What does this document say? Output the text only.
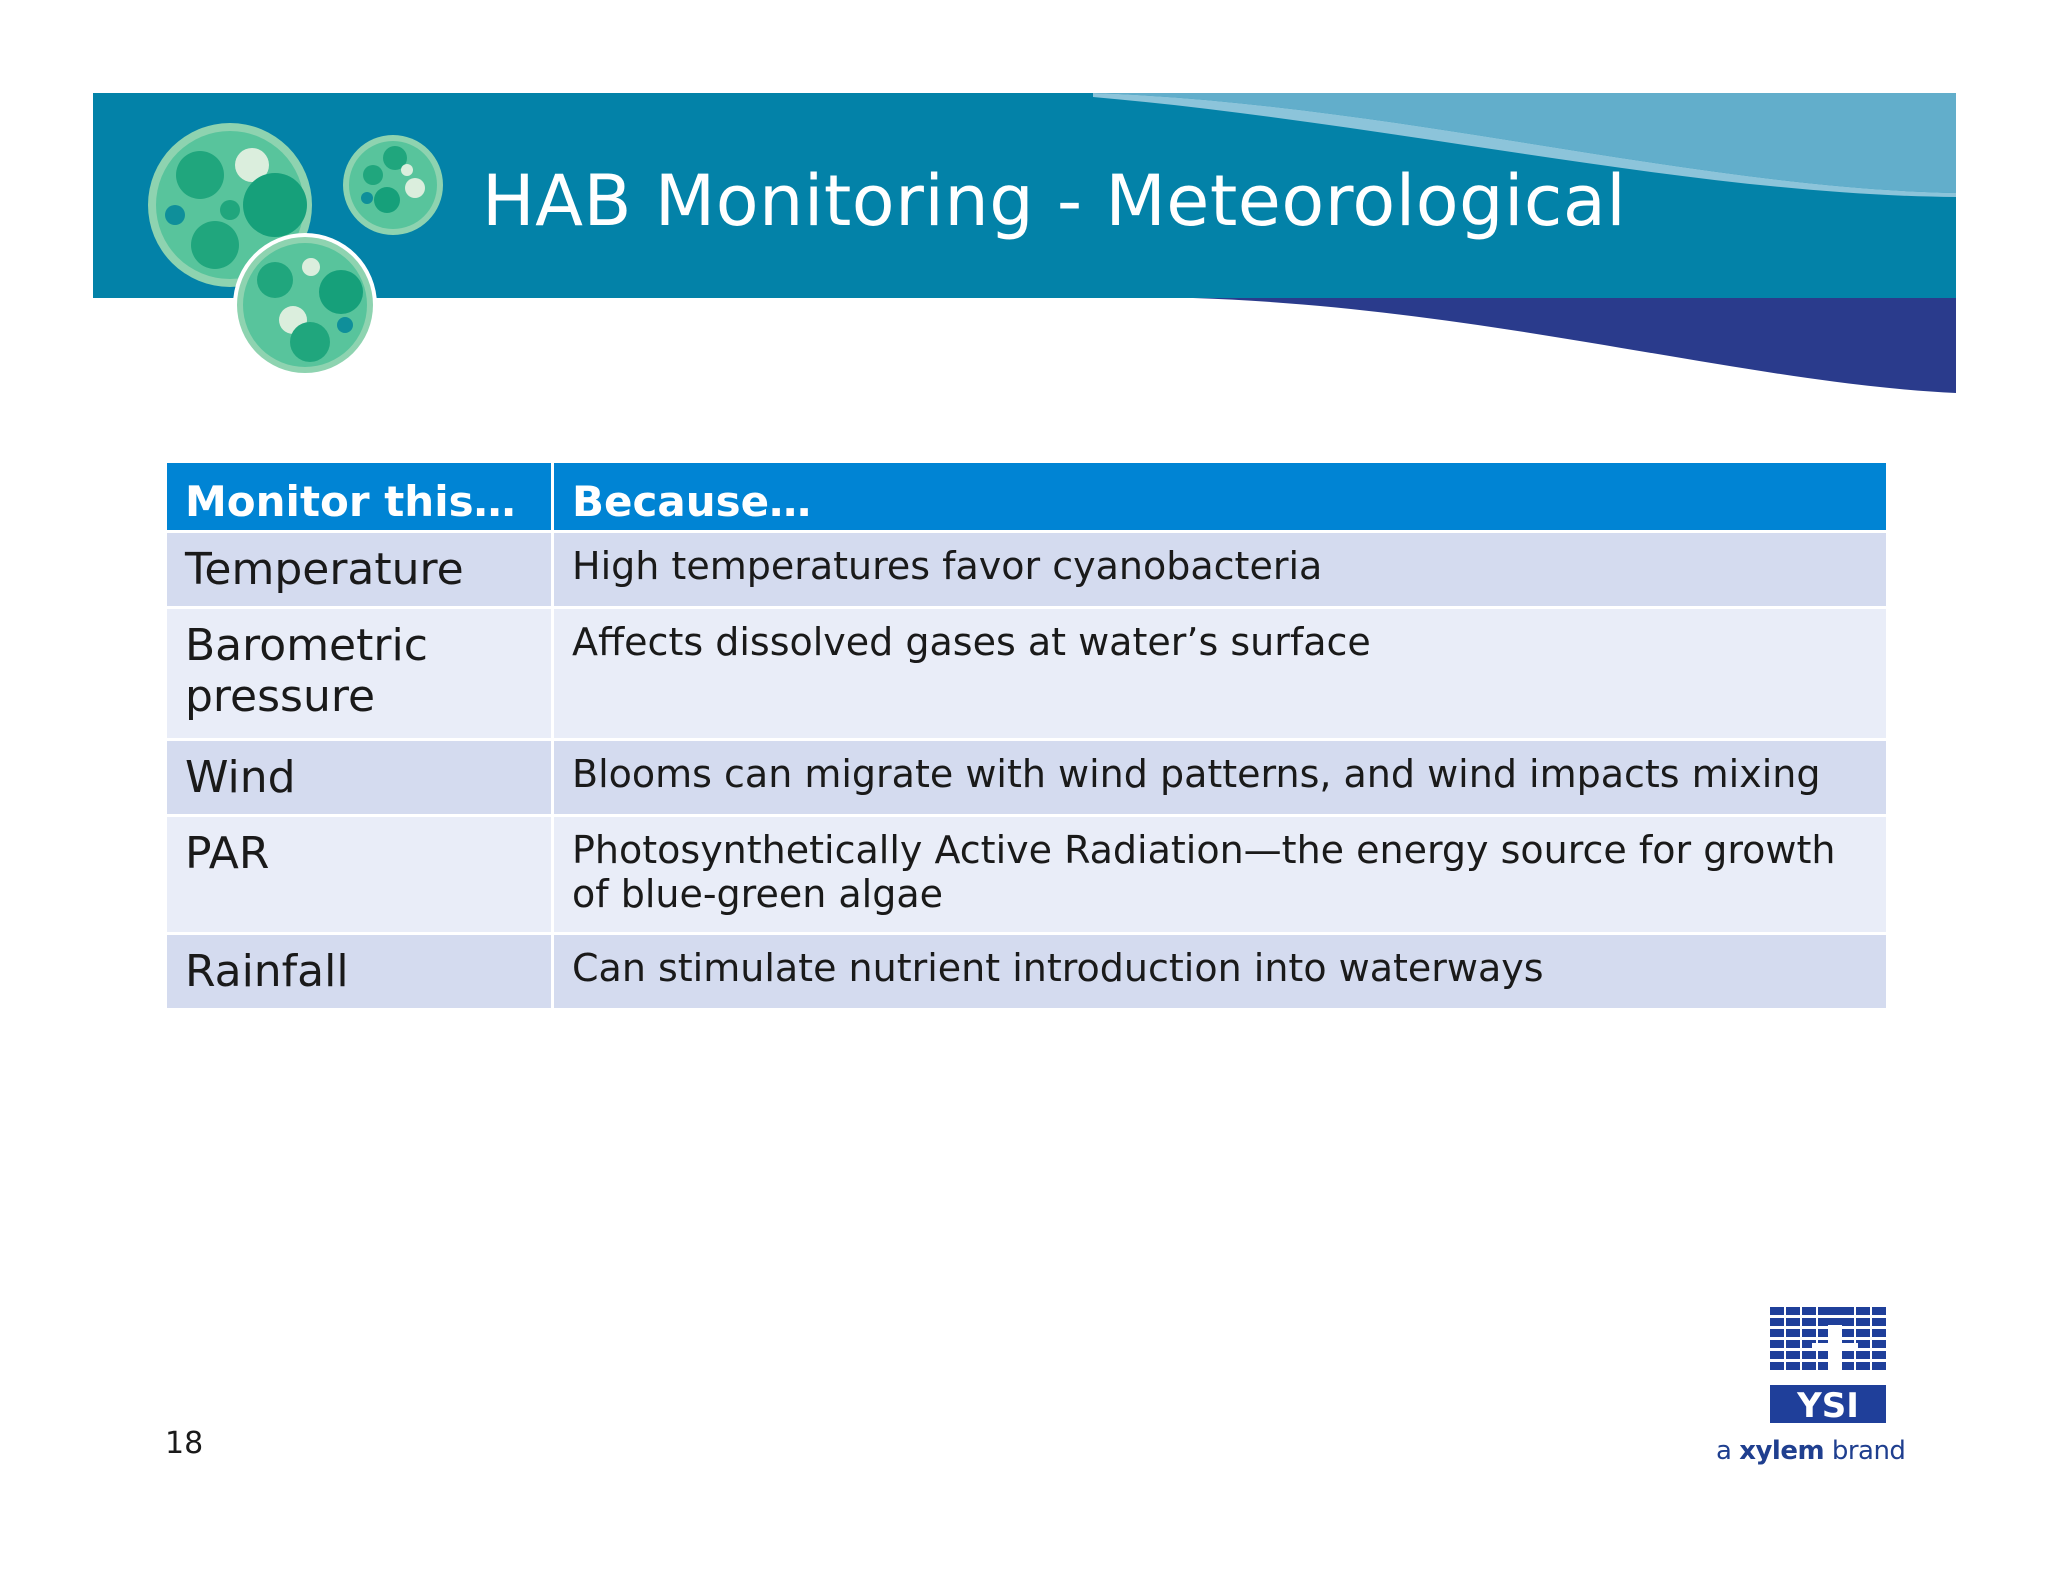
HAB Monitoring - Meteorological
Monitor this…	Because…
Temperature	High temperatures favor cyanobacteria
Barometric pressure	Affects dissolved gases at water’s surface
Wind	Blooms can migrate with wind patterns, and wind impacts mixing
PAR	Photosynthetically Active Radiation—the energy source for growth of blue-green algae
Rainfall	Can stimulate nutrient introduction into waterways
18
YSI
a xylem brand
